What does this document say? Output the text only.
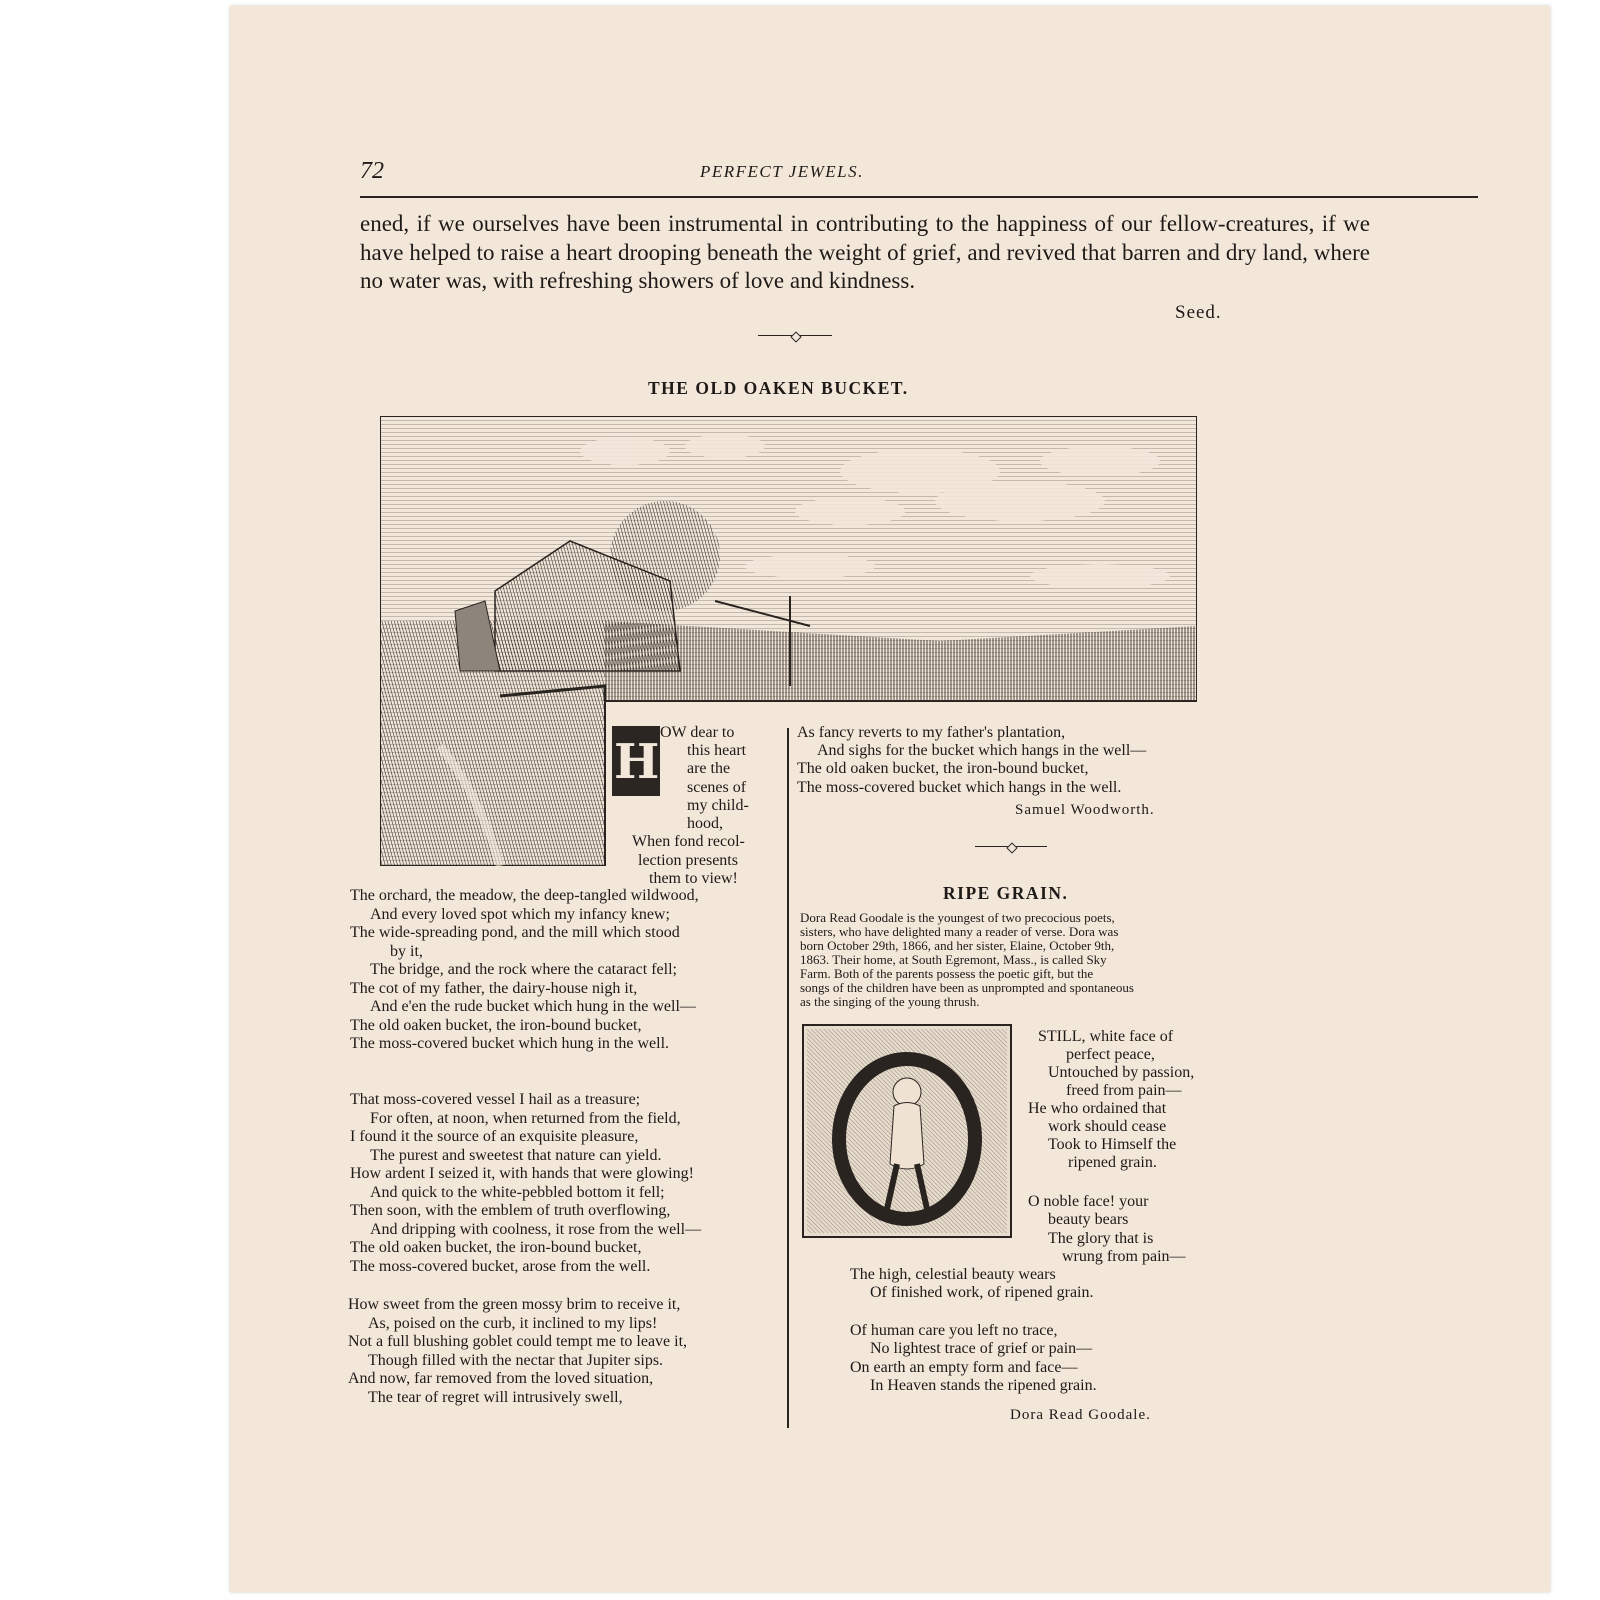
72	PERFECT JEWELS.
ened, if we ourselves have been instrumental in contributing to the happiness of our fellow-creatures, if we have helped to raise a heart drooping beneath the weight of grief, and revived that barren and dry land, where no water was, with refreshing showers of love and kindness.
Seed.
THE OLD OAKEN BUCKET.
H
OW dear to
this heart
are the
scenes of
my child-
hood,
When fond recol-
lection presents
them to view!
The orchard, the meadow, the deep-tangled wildwood,
And every loved spot which my infancy knew;
The wide-spreading pond, and the mill which stood
by it,
The bridge, and the rock where the cataract fell;
The cot of my father, the dairy-house nigh it,
And e'en the rude bucket which hung in the well—
The old oaken bucket, the iron-bound bucket,
The moss-covered bucket which hung in the well.
That moss-covered vessel I hail as a treasure;
For often, at noon, when returned from the field,
I found it the source of an exquisite pleasure,
The purest and sweetest that nature can yield.
How ardent I seized it, with hands that were glowing!
And quick to the white-pebbled bottom it fell;
Then soon, with the emblem of truth overflowing,
And dripping with coolness, it rose from the well—
The old oaken bucket, the iron-bound bucket,
The moss-covered bucket, arose from the well.
How sweet from the green mossy brim to receive it,
As, poised on the curb, it inclined to my lips!
Not a full blushing goblet could tempt me to leave it,
Though filled with the nectar that Jupiter sips.
And now, far removed from the loved situation,
The tear of regret will intrusively swell,
As fancy reverts to my father's plantation,
And sighs for the bucket which hangs in the well—
The old oaken bucket, the iron-bound bucket,
The moss-covered bucket which hangs in the well.
Samuel Woodworth.
RIPE GRAIN.
Dora Read Goodale is the youngest of two precocious poets,
sisters, who have delighted many a reader of verse. Dora was
born October 29th, 1866, and her sister, Elaine, October 9th,
1863. Their home, at South Egremont, Mass., is called Sky
Farm. Both of the parents possess the poetic gift, but the
songs of the children have been as unprompted and spontaneous
as the singing of the young thrush.
STILL, white face of
perfect peace,
Untouched by passion,
freed from pain—
He who ordained that
work should cease
Took to Himself the
ripened grain.
O noble face! your
beauty bears
The glory that is
wrung from pain—
The high, celestial beauty wears
Of finished work, of ripened grain.
Of human care you left no trace,
No lightest trace of grief or pain—
On earth an empty form and face—
In Heaven stands the ripened grain.
Dora Read Goodale.
